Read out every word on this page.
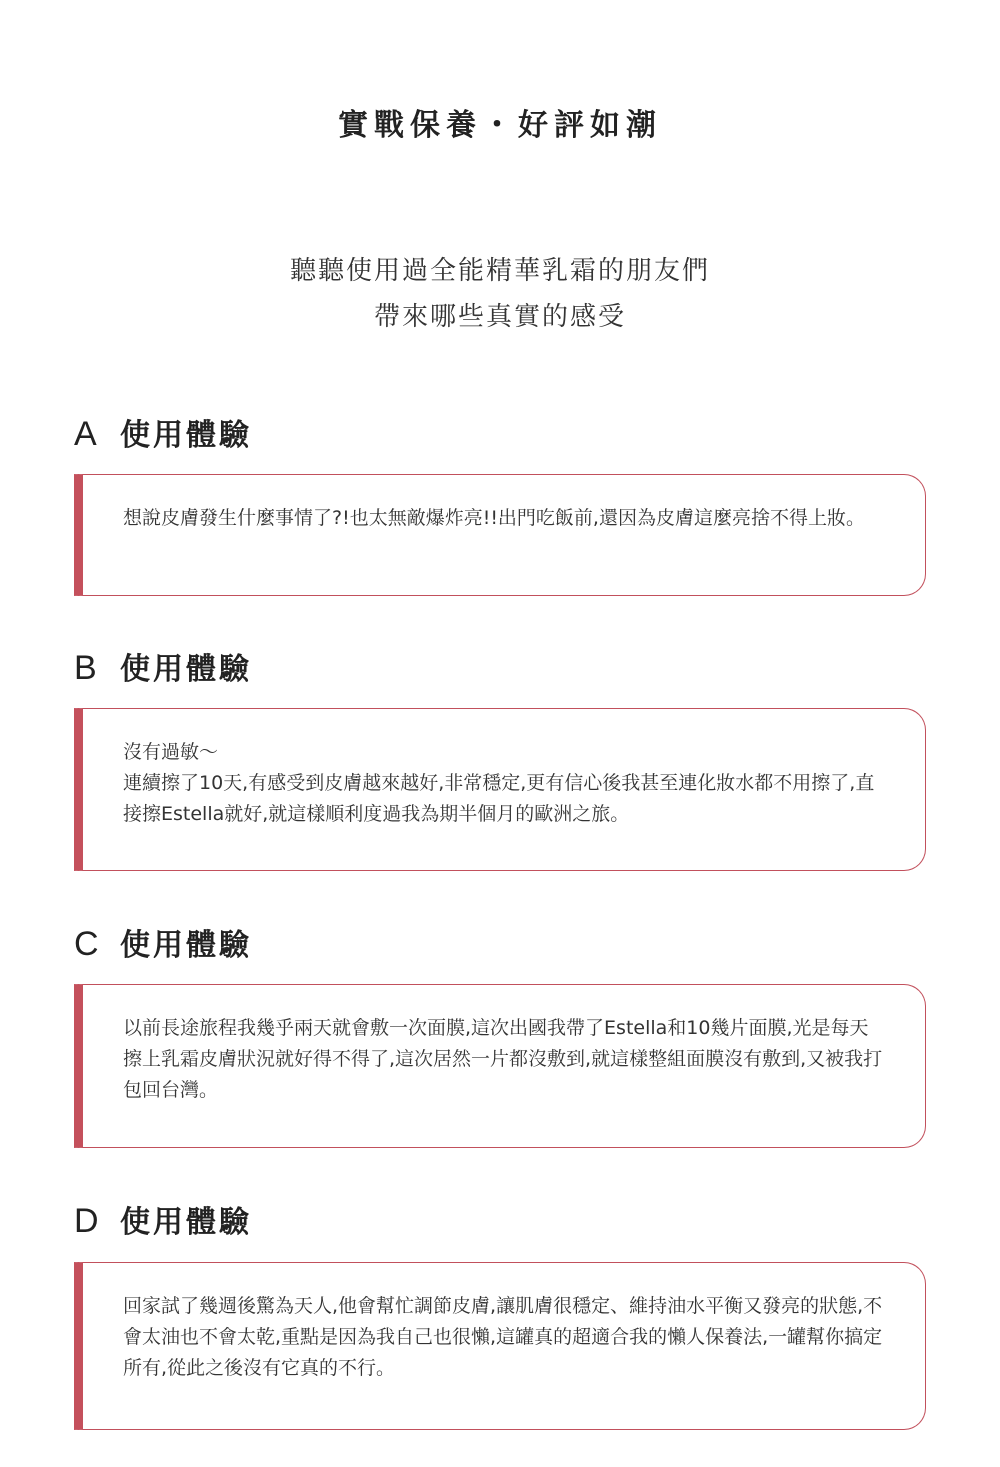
實戰保養・好評如潮
聽聽使用過全能精華乳霜的朋友們
帶來哪些真實的感受
A 使用體驗

想說皮膚發生什麼事情了?!也太無敵爆炸亮!!出門吃飯前,還因為皮膚這麼亮捨不得上妝。

B 使用體驗

沒有過敏～

連續擦了10天,有感受到皮膚越來越好,非常穩定,更有信心後我甚至連化妝水都不用擦了,直接擦Estella就好,就這樣順利度過我為期半個月的歐洲之旅。

C 使用體驗

以前長途旅程我幾乎兩天就會敷一次面膜,這次出國我帶了Estella和10幾片面膜,光是每天擦上乳霜皮膚狀況就好得不得了,這次居然一片都沒敷到,就這樣整組面膜沒有敷到,又被我打包回台灣。

D 使用體驗

回家試了幾週後驚為天人,他會幫忙調節皮膚,讓肌膚很穩定、維持油水平衡又發亮的狀態,不會太油也不會太乾,重點是因為我自己也很懶,這罐真的超適合我的懶人保養法,一罐幫你搞定所有,從此之後沒有它真的不行。
